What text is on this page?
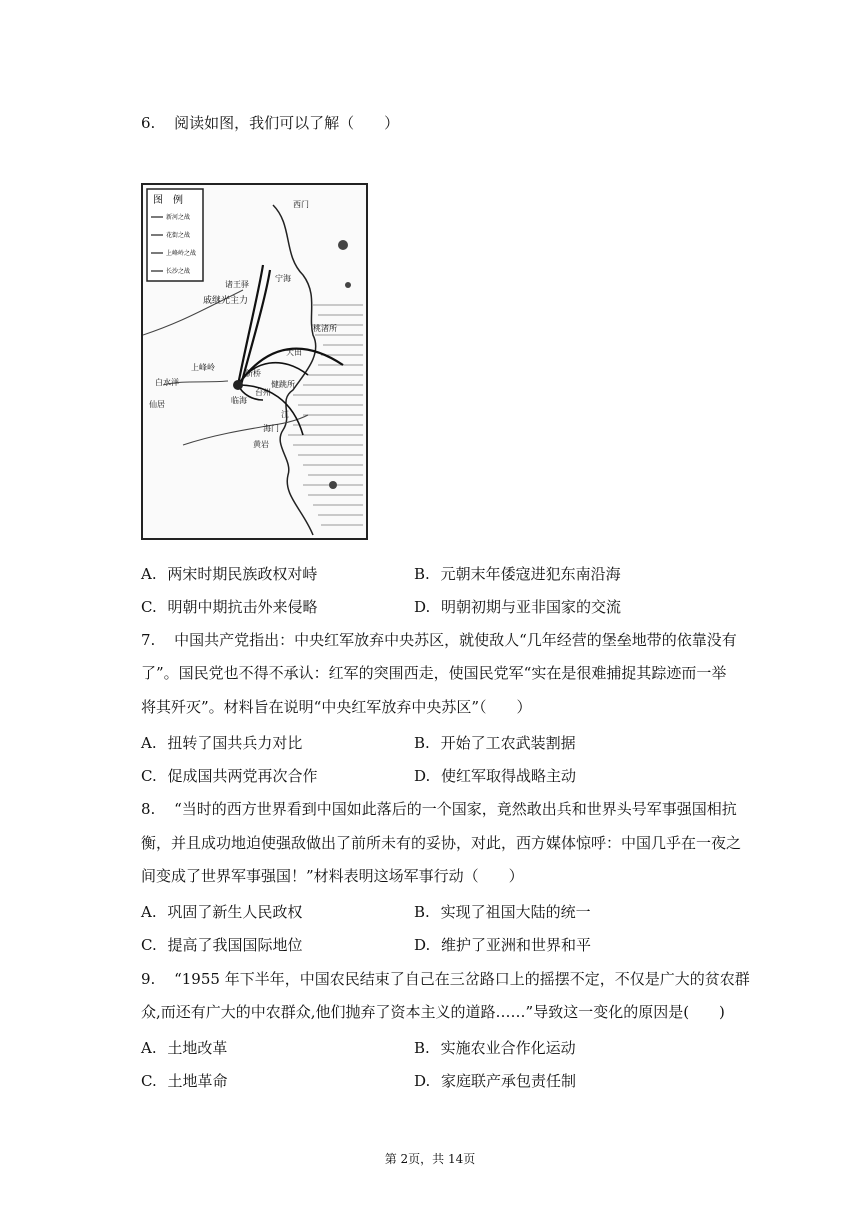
6. 阅读如图，我们可以了解（　　）
图　例
新河之战
花街之战
上峰岭之战
长沙之战
西门
宁海
戚继光主力
诸王驿
大田
上峰岭
新桥
白水洋
仙居
桃渚所
海门
黄岩
台州
临海
健跳所
江
A. 两宋时期民族政权对峙	B. 元朝末年倭寇进犯东南沿海
C. 明朝中期抗击外来侵略	D. 明朝初期与亚非国家的交流
7. 中国共产党指出：中央红军放弃中央苏区，就使敌人“几年经营的堡垒地带的依靠没有
了”。国民党也不得不承认：红军的突围西走，使国民党军“实在是很难捕捉其踪迹而一举
将其歼灭”。材料旨在说明“中央红军放弃中央苏区”（　　）
A. 扭转了国共兵力对比	B. 开始了工农武装割据
C. 促成国共两党再次合作	D. 使红军取得战略主动
8. “当时的西方世界看到中国如此落后的一个国家，竟然敢出兵和世界头号军事强国相抗
衡，并且成功地迫使强敌做出了前所未有的妥协，对此，西方媒体惊呼：中国几乎在一夜之
间变成了世界军事强国！”材料表明这场军事行动（　　）
A. 巩固了新生人民政权	B. 实现了祖国大陆的统一
C. 提高了我国国际地位	D. 维护了亚洲和世界和平
9. “1955 年下半年，中国农民结束了自己在三岔路口上的摇摆不定，不仅是广大的贫农群
众,而还有广大的中农群众,他们抛弃了资本主义的道路……”导致这一变化的原因是(　　)
A. 土地改革	B. 实施农业合作化运动
C. 土地革命	D. 家庭联产承包责任制
第 2页，共 14页
